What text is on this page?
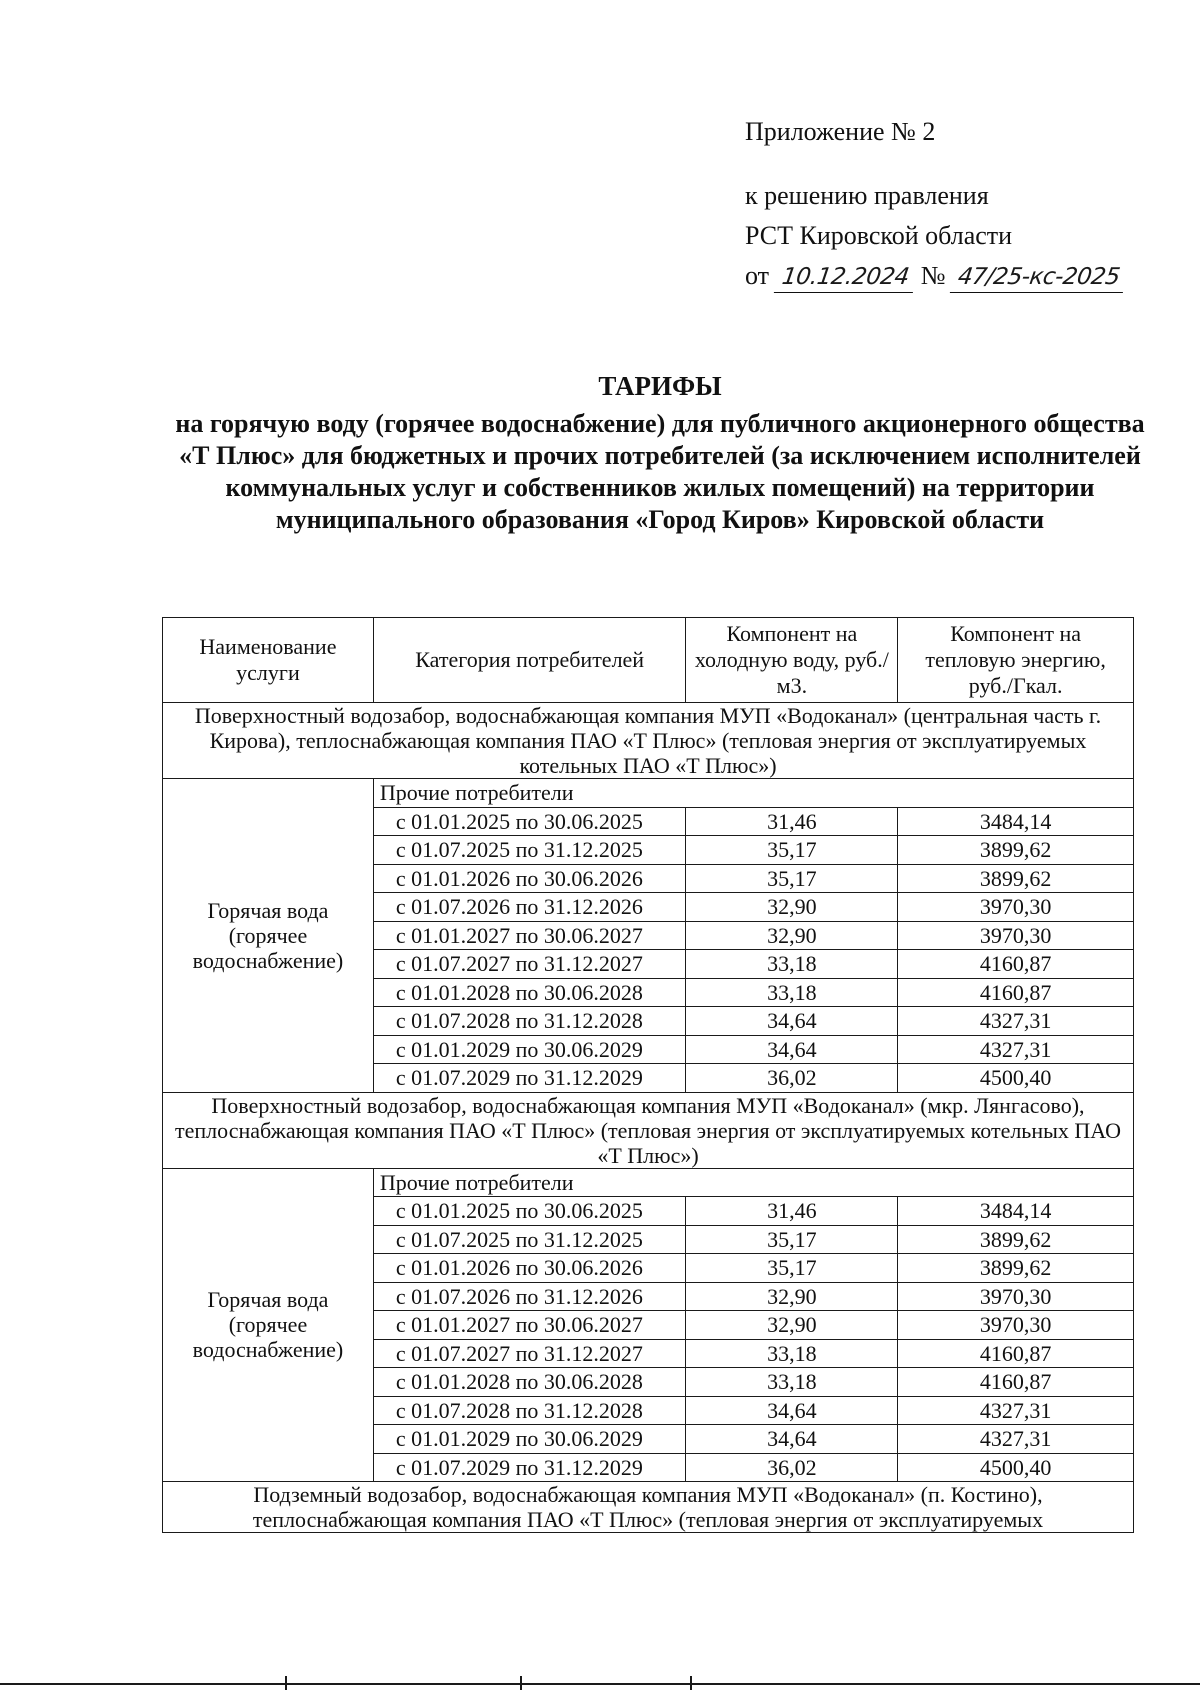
Приложение № 2
к решению правления
РСТ Кировской области
от 10.12.2024 № 47/25-кс-2025
ТАРИФЫ
на горячую воду (горячее водоснабжение) для публичного акционерного общества «Т Плюс» для бюджетных и прочих потребителей (за исключением исполнителей коммунальных услуг и собственников жилых помещений) на территории муниципального образования «Город Киров» Кировской области
Наименование услуги	Категория потребителей	Компонент на холодную воду, руб./м3.	Компонент на тепловую энергию, руб./Гкал.
Поверхностный водозабор, водоснабжающая компания МУП «Водоканал» (центральная часть г. Кирова), теплоснабжающая компания ПАО «Т Плюс» (тепловая энергия от эксплуатируемых котельных ПАО «Т Плюс»)			
Горячая вода (горячее водоснабжение)	Прочие потребители		
	с 01.01.2025 по 30.06.2025	31,46	3484,14
	с 01.07.2025 по 31.12.2025	35,17	3899,62
	с 01.01.2026 по 30.06.2026	35,17	3899,62
	с 01.07.2026 по 31.12.2026	32,90	3970,30
	с 01.01.2027 по 30.06.2027	32,90	3970,30
	с 01.07.2027 по 31.12.2027	33,18	4160,87
	с 01.01.2028 по 30.06.2028	33,18	4160,87
	с 01.07.2028 по 31.12.2028	34,64	4327,31
	с 01.01.2029 по 30.06.2029	34,64	4327,31
	с 01.07.2029 по 31.12.2029	36,02	4500,40
Поверхностный водозабор, водоснабжающая компания МУП «Водоканал» (мкр. Лянгасово), теплоснабжающая компания ПАО «Т Плюс» (тепловая энергия от эксплуатируемых котельных ПАО «Т Плюс»)			
Горячая вода (горячее водоснабжение)	Прочие потребители		
	с 01.01.2025 по 30.06.2025	31,46	3484,14
	с 01.07.2025 по 31.12.2025	35,17	3899,62
	с 01.01.2026 по 30.06.2026	35,17	3899,62
	с 01.07.2026 по 31.12.2026	32,90	3970,30
	с 01.01.2027 по 30.06.2027	32,90	3970,30
	с 01.07.2027 по 31.12.2027	33,18	4160,87
	с 01.01.2028 по 30.06.2028	33,18	4160,87
	с 01.07.2028 по 31.12.2028	34,64	4327,31
	с 01.01.2029 по 30.06.2029	34,64	4327,31
	с 01.07.2029 по 31.12.2029	36,02	4500,40
Подземный водозабор, водоснабжающая компания МУП «Водоканал» (п. Костино), теплоснабжающая компания ПАО «Т Плюс» (тепловая энергия от эксплуатируемых			
